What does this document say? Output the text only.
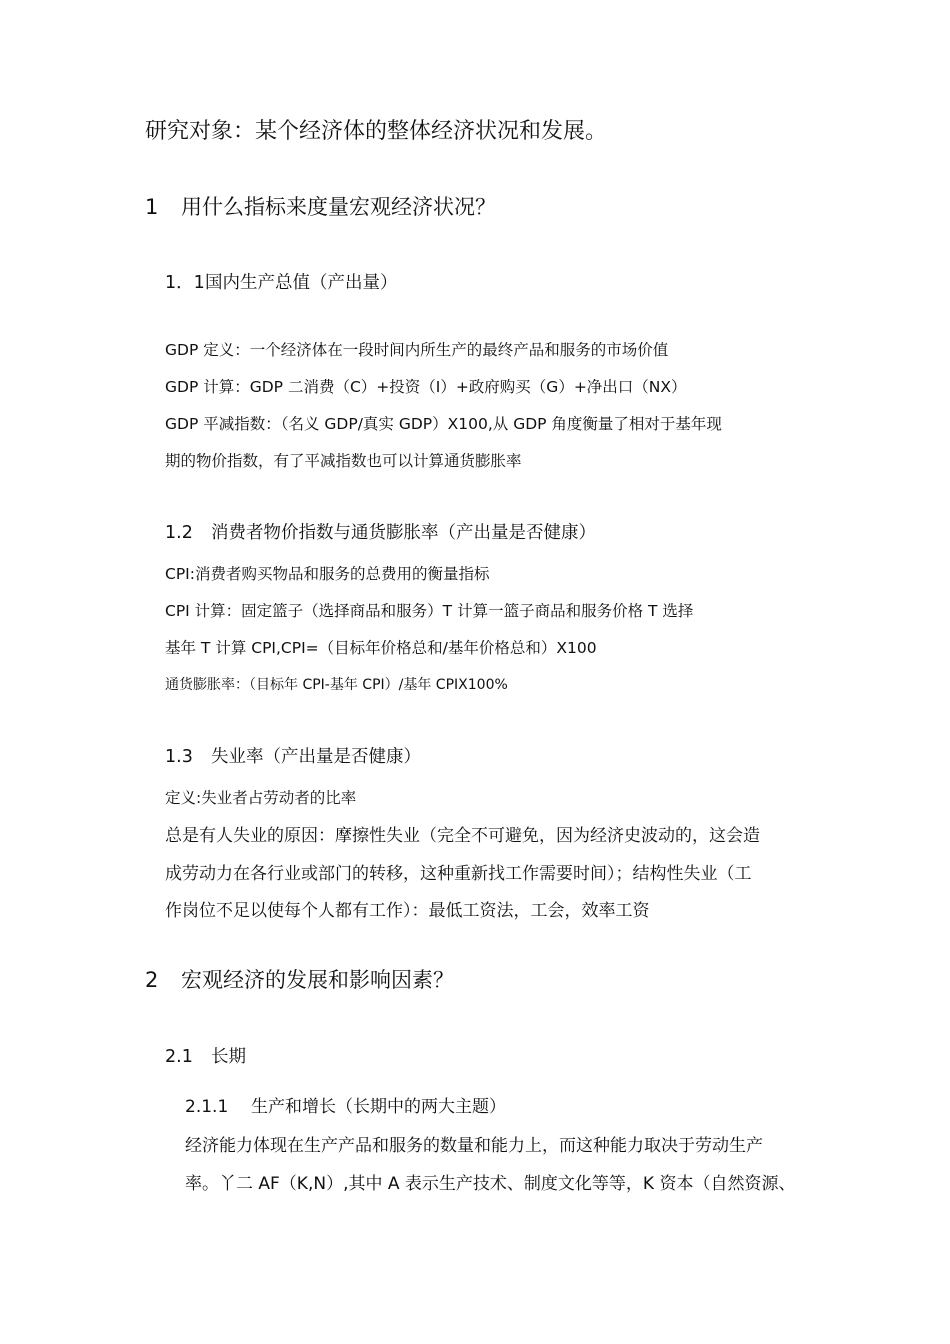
研究对象：某个经济体的整体经济状况和发展。

1 用什么指标来度量宏观经济状况？
1．1国内生产总值（产出量）

GDP 定义：一个经济体在一段时间内所生产的最终产品和服务的市场价值

GDP 计算：GDP 二消费（C）+投资（I）+政府购买（G）+净出口（NX）

GDP 平减指数：（名义 GDP/真实 GDP）X100,从 GDP 角度衡量了相对于基年现

期的物价指数，有了平减指数也可以计算通货膨胀率

1.2 消费者物价指数与通货膨胀率（产出量是否健康）

CPI:消费者购买物品和服务的总费用的衡量指标

CPI 计算：固定篮子（选择商品和服务）T 计算一篮子商品和服务价格 T 选择

基年 T 计算 CPI,CPI=（目标年价格总和/基年价格总和）X100

通货膨胀率：（目标年 CPI-基年 CPI）/基年 CPIX100%

1.3 失业率（产出量是否健康）

定义:失业者占劳动者的比率

总是有人失业的原因：摩擦性失业（完全不可避免，因为经济史波动的，这会造

成劳动力在各行业或部门的转移，这种重新找工作需要时间）；结构性失业（工

作岗位不足以使每个人都有工作）：最低工资法，工会，效率工资

2 宏观经济的发展和影响因素？
2.1 长期
2.1.1 生产和增长（长期中的两大主题）

经济能力体现在生产产品和服务的数量和能力上，而这种能力取决于劳动生产

率。丫二 AF（K,N）,其中 A 表示生产技术、制度文化等等，K 资本（自然资源、
